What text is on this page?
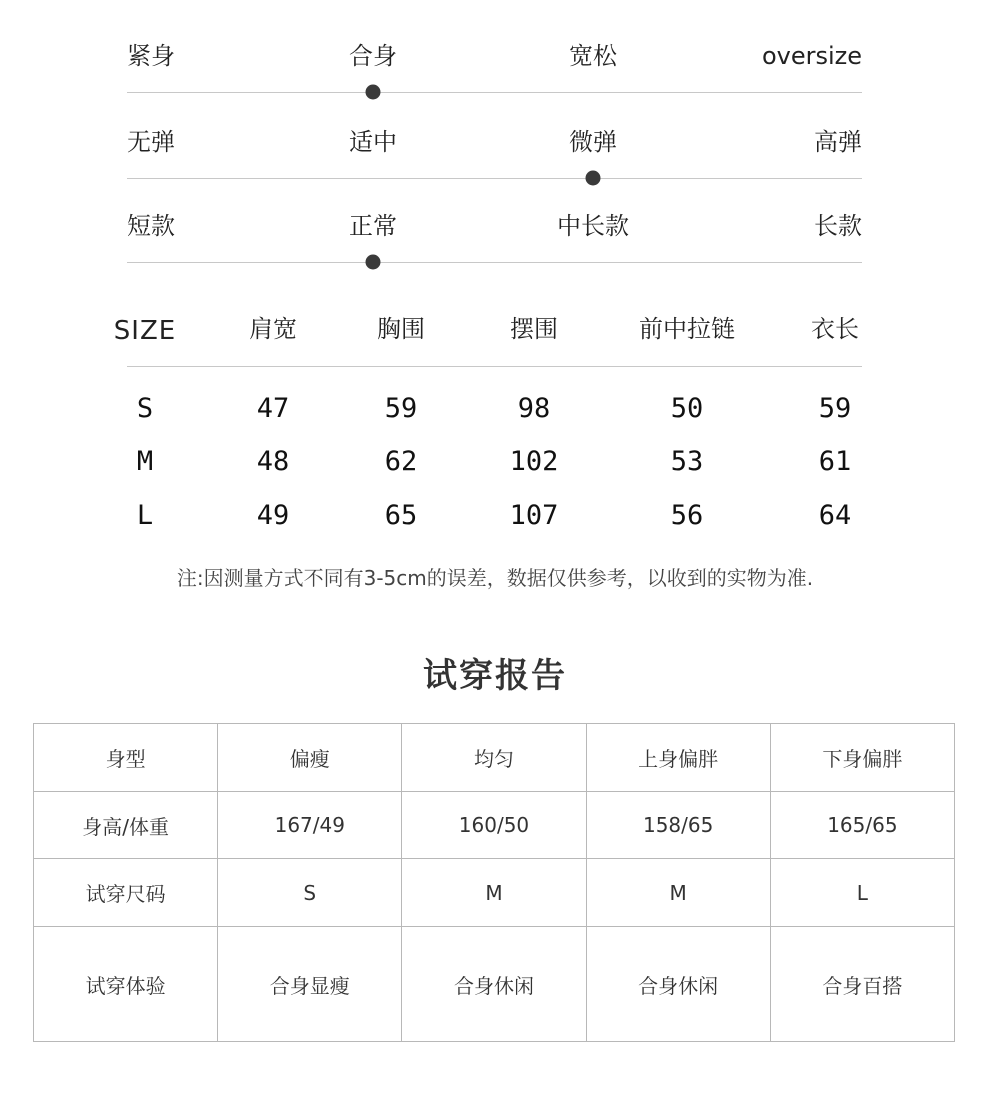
紧身	合身	宽松	oversize
无弹	适中	微弹	高弹
短款	正常	中长款	长款
SIZE	肩宽	胸围	摆围	前中拉链	衣长
S	47	59	98	50	59
M	48	62	102	53	61
L	49	65	107	56	64
注:因测量方式不同有3-5cm的误差，数据仅供参考，以收到的实物为准.
试穿报告
身型	偏瘦	均匀	上身偏胖	下身偏胖
身高/体重	167/49	160/50	158/65	165/65
试穿尺码	S	M	M	L
试穿体验	合身显瘦	合身休闲	合身休闲	合身百搭
